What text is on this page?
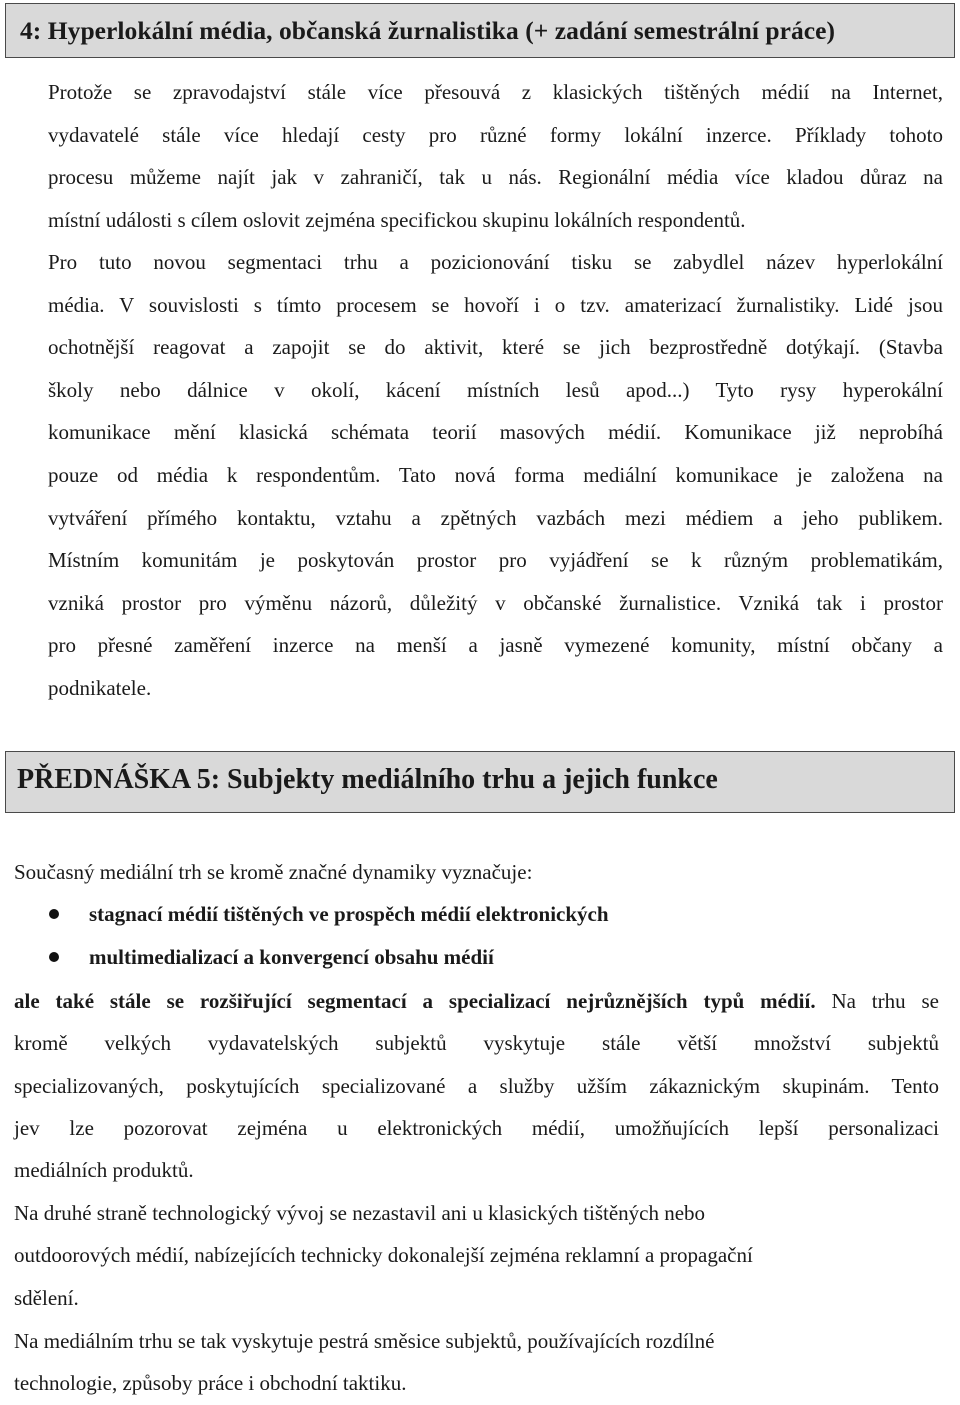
4: Hyperlokální média, občanská žurnalistika (+ zadání semestrální práce)

Protože se zpravodajství stále více přesouvá z klasických tištěných médií na Internet,
vydavatelé stále více hledají cesty pro různé formy lokální inzerce. Příklady tohoto
procesu můžeme najít jak v zahraničí, tak u nás. Regionální média více kladou důraz na
místní události s cílem oslovit zejména specifickou skupinu lokálních respondentů.

Pro tuto novou segmentaci trhu a pozicionování tisku se zabydlel název hyperlokální
média. V souvislosti s tímto procesem se hovoří i o tzv. amaterizací žurnalistiky. Lidé jsou
ochotnější reagovat a zapojit se do aktivit, které se jich bezprostředně dotýkají. (Stavba
školy nebo dálnice v okolí, kácení místních lesů apod...) Tyto rysy hyperokální
komunikace mění klasická schémata teorií masových médií. Komunikace již neprobíhá
pouze od média k respondentům. Tato nová forma mediální komunikace je založena na
vytváření přímého kontaktu, vztahu a zpětných vazbách mezi médiem a jeho publikem.
Místním komunitám je poskytován prostor pro vyjádření se k různým problematikám,
vzniká prostor pro výměnu názorů, důležitý v občanské žurnalistice. Vzniká tak i prostor
pro přesné zaměření inzerce na menší a jasně vymezené komunity, místní občany a
podnikatele.

PŘEDNÁŠKA 5: Subjekty mediálního trhu a jejich funkce

Současný mediální trh se kromě značné dynamiky vyznačuje:

stagnací médií tištěných ve prospěch médií elektronických
multimedializací a konvergencí obsahu médií

ale také stále se rozšiřující segmentací a specializací nejrůznějších typů médií. Na trhu se
kromě velkých vydavatelských subjektů vyskytuje stále větší množství subjektů
specializovaných, poskytujících specializované a služby užším zákaznickým skupinám. Tento
jev lze pozorovat zejména u elektronických médií, umožňujících lepší personalizaci
mediálních produktů.

Na druhé straně technologický vývoj se nezastavil ani u klasických tištěných nebo
outdoorových médií, nabízejících technicky dokonalejší zejména reklamní a propagační
sdělení.

Na mediálním trhu se tak vyskytuje pestrá směsice subjektů, používajících rozdílné
technologie, způsoby práce i obchodní taktiku.
